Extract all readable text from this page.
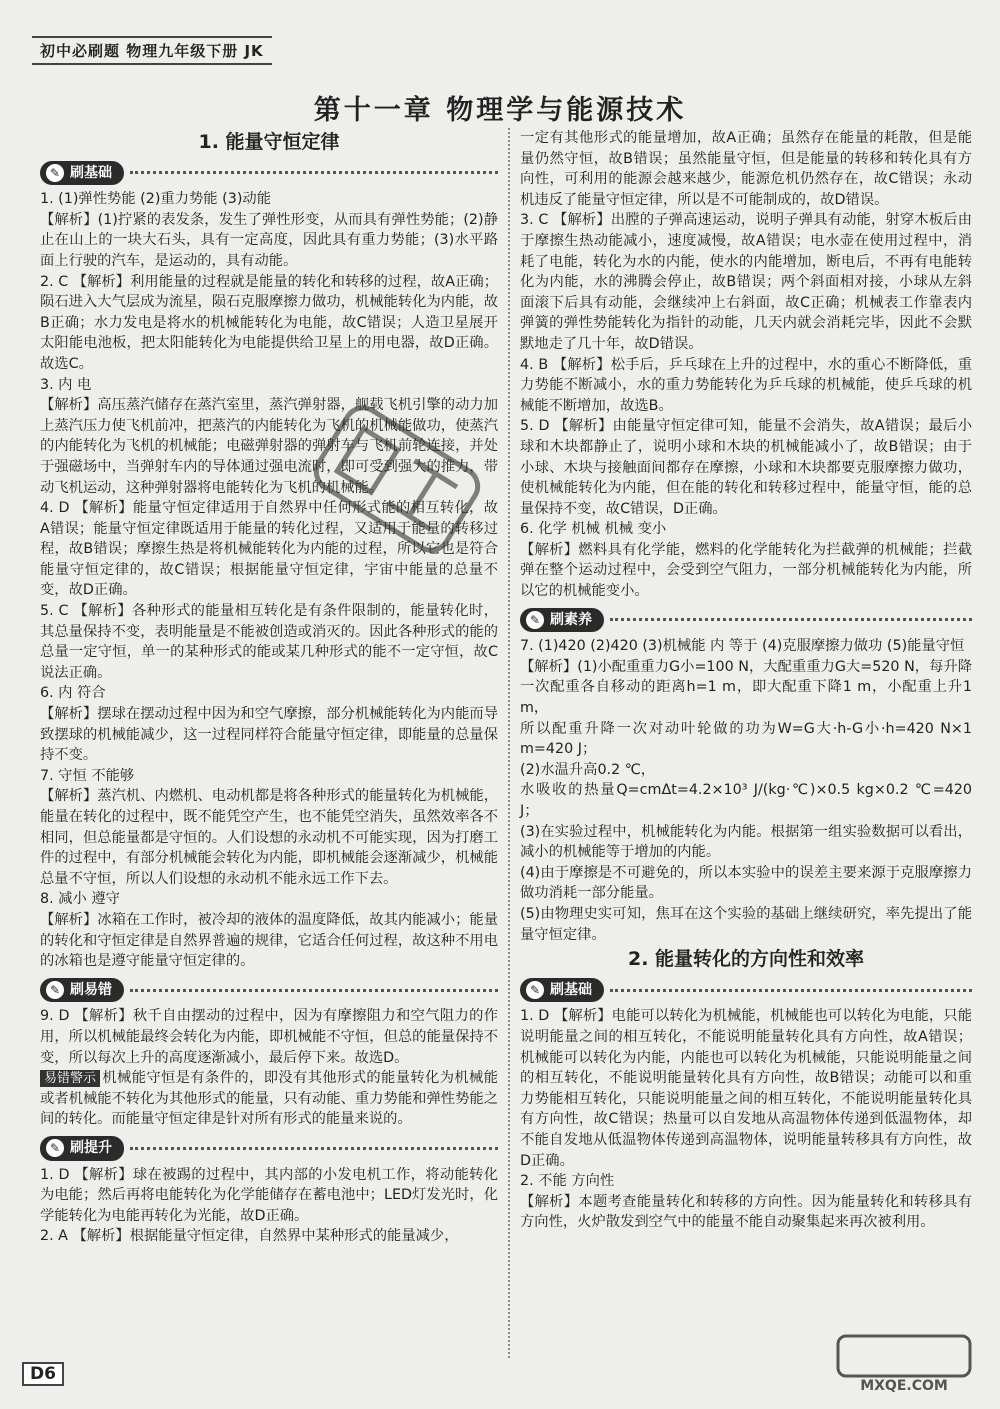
初中必刷题 物理九年级下册 JK
第十一章 物理学与能源技术
1. 能量守恒定律
✎ 刷基础

1. (1)弹性势能 (2)重力势能 (3)动能

【解析】(1)拧紧的表发条，发生了弹性形变，从而具有弹性势能；(2)静止在山上的一块大石头，具有一定高度，因此具有重力势能；(3)水平路面上行驶的汽车，是运动的，具有动能。

2. C 【解析】利用能量的过程就是能量的转化和转移的过程，故A正确；陨石进入大气层成为流星，陨石克服摩擦力做功，机械能转化为内能，故B正确；水力发电是将水的机械能转化为电能，故C错误；人造卫星展开太阳能电池板，把太阳能转化为电能提供给卫星上的用电器，故D正确。故选C。

3. 内 电

【解析】高压蒸汽储存在蒸汽室里，蒸汽弹射器，舰载飞机引擎的动力加上蒸汽压力使飞机前冲，把蒸汽的内能转化为飞机的机械能做功，使蒸汽的内能转化为飞机的机械能；电磁弹射器的弹射车与飞机前轮连接，并处于强磁场中，当弹射车内的导体通过强电流时，即可受到强大的推力，带动飞机运动，这种弹射器将电能转化为飞机的机械能。

4. D 【解析】能量守恒定律适用于自然界中任何形式能的相互转化，故A错误；能量守恒定律既适用于能量的转化过程，又适用于能量的转移过程，故B错误；摩擦生热是将机械能转化为内能的过程，所以它也是符合能量守恒定律的，故C错误；根据能量守恒定律，宇宙中能量的总量不变，故D正确。

5. C 【解析】各种形式的能量相互转化是有条件限制的，能量转化时，其总量保持不变，表明能量是不能被创造或消灭的。因此各种形式的能的总量一定守恒，单一的某种形式的能或某几种形式的能不一定守恒，故C说法正确。

6. 内 符合

【解析】摆球在摆动过程中因为和空气摩擦，部分机械能转化为内能而导致摆球的机械能减少，这一过程同样符合能量守恒定律，即能量的总量保持不变。

7. 守恒 不能够

【解析】蒸汽机、内燃机、电动机都是将各种形式的能量转化为机械能，能量在转化的过程中，既不能凭空产生，也不能凭空消失，虽然效率各不相同，但总能量都是守恒的。人们设想的永动机不可能实现，因为打磨工件的过程中，有部分机械能会转化为内能，即机械能会逐渐减少，机械能总量不守恒，所以人们设想的永动机不能永远工作下去。

8. 减小 遵守

【解析】冰箱在工作时，被冷却的液体的温度降低，故其内能减小；能量的转化和守恒定律是自然界普遍的规律，它适合任何过程，故这种不用电的冰箱也是遵守能量守恒定律的。

✎ 刷易错

9. D 【解析】秋千自由摆动的过程中，因为有摩擦阻力和空气阻力的作用，所以机械能最终会转化为内能，即机械能不守恒，但总的能量保持不变，所以每次上升的高度逐渐减小，最后停下来。故选D。

易错警示 机械能守恒是有条件的，即没有其他形式的能量转化为机械能或者机械能不转化为其他形式的能量，只有动能、重力势能和弹性势能之间的转化。而能量守恒定律是针对所有形式的能量来说的。

✎ 刷提升

1. D 【解析】球在被踢的过程中，其内部的小发电机工作，将动能转化为电能；然后再将电能转化为化学能储存在蓄电池中；LED灯发光时，化学能转化为电能再转化为光能，故D正确。

2. A 【解析】根据能量守恒定律，自然界中某种形式的能量减少，

一定有其他形式的能量增加，故A正确；虽然存在能量的耗散，但是能量仍然守恒，故B错误；虽然能量守恒，但是能量的转移和转化具有方向性，可利用的能源会越来越少，能源危机仍然存在，故C错误；永动机违反了能量守恒定律，所以是不可能制成的，故D错误。

3. C 【解析】出膛的子弹高速运动，说明子弹具有动能，射穿木板后由于摩擦生热动能减小，速度减慢，故A错误；电水壶在使用过程中，消耗了电能，转化为水的内能，使水的内能增加，断电后，不再有电能转化为内能，水的沸腾会停止，故B错误；两个斜面相对接，小球从左斜面滚下后具有动能，会继续冲上右斜面，故C正确；机械表工作靠表内弹簧的弹性势能转化为指针的动能，几天内就会消耗完毕，因此不会默默地走了几十年，故D错误。

4. B 【解析】松手后，乒乓球在上升的过程中，水的重心不断降低，重力势能不断减小，水的重力势能转化为乒乓球的机械能，使乒乓球的机械能不断增加，故选B。

5. D 【解析】由能量守恒定律可知，能量不会消失，故A错误；最后小球和木块都静止了，说明小球和木块的机械能减小了，故B错误；由于小球、木块与接触面间都存在摩擦，小球和木块都要克服摩擦力做功，使机械能转化为内能，但在能的转化和转移过程中，能量守恒，能的总量保持不变，故C错误，D正确。

6. 化学 机械 机械 变小

【解析】燃料具有化学能，燃料的化学能转化为拦截弹的机械能；拦截弹在整个运动过程中，会受到空气阻力，一部分机械能转化为内能，所以它的机械能变小。

✎ 刷素养

7. (1)420 (2)420 (3)机械能 内 等于 (4)克服摩擦力做功 (5)能量守恒

【解析】(1)小配重重力G小=100 N，大配重重力G大=520 N，每升降一次配重各自移动的距离h=1 m，即大配重下降1 m，小配重上升1 m，

所以配重升降一次对动叶轮做的功为W=G大·h-G小·h=420 N×1 m=420 J；

(2)水温升高0.2 ℃，

水吸收的热量Q=cmΔt=4.2×10³ J/(kg·℃)×0.5 kg×0.2 ℃=420 J；

(3)在实验过程中，机械能转化为内能。根据第一组实验数据可以看出，减小的机械能等于增加的内能。

(4)由于摩擦是不可避免的，所以本实验中的误差主要来源于克服摩擦力做功消耗一部分能量。

(5)由物理史实可知，焦耳在这个实验的基础上继续研究，率先提出了能量守恒定律。

2. 能量转化的方向性和效率
✎ 刷基础

1. D 【解析】电能可以转化为机械能，机械能也可以转化为电能，只能说明能量之间的相互转化，不能说明能量转化具有方向性，故A错误；机械能可以转化为内能，内能也可以转化为机械能，只能说明能量之间的相互转化，不能说明能量转化具有方向性，故B错误；动能可以和重力势能相互转化，只能说明能量之间的相互转化，不能说明能量转化具有方向性，故C错误；热量可以自发地从高温物体传递到低温物体，却不能自发地从低温物体传递到高温物体，说明能量转移具有方向性，故D正确。

2. 不能 方向性

【解析】本题考查能量转化和转移的方向性。因为能量转化和转移具有方向性，火炉散发到空气中的能量不能自动聚集起来再次被利用。

D6
MXQE.COM
